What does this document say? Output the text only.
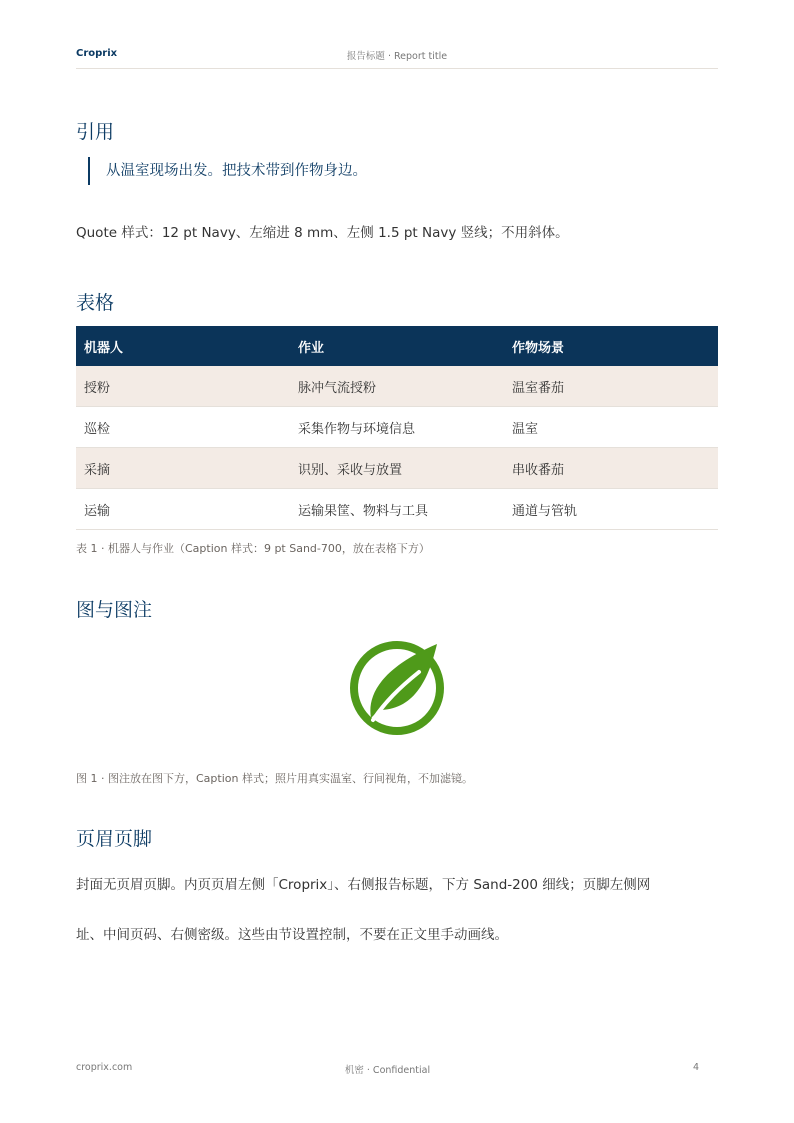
Croprix	报告标题 · Report title
引用
从温室现场出发。把技术带到作物身边。
Quote 样式：12 pt Navy、左缩进 8 mm、左侧 1.5 pt Navy 竖线；不用斜体。
表格
机器人	作业	作物场景
授粉	脉冲气流授粉	温室番茄
巡检	采集作物与环境信息	温室
采摘	识别、采收与放置	串收番茄
运输	运输果筐、物料与工具	通道与管轨
表 1 · 机器人与作业（Caption 样式：9 pt Sand-700，放在表格下方）
图与图注
图 1 · 图注放在图下方，Caption 样式；照片用真实温室、行间视角，不加滤镜。
页眉页脚
封面无页眉页脚。内页页眉左侧「Croprix」、右侧报告标题，下方 Sand-200 细线；页脚左侧网
址、中间页码、右侧密级。这些由节设置控制，不要在正文里手动画线。
croprix.com	机密 · Confidential	4
